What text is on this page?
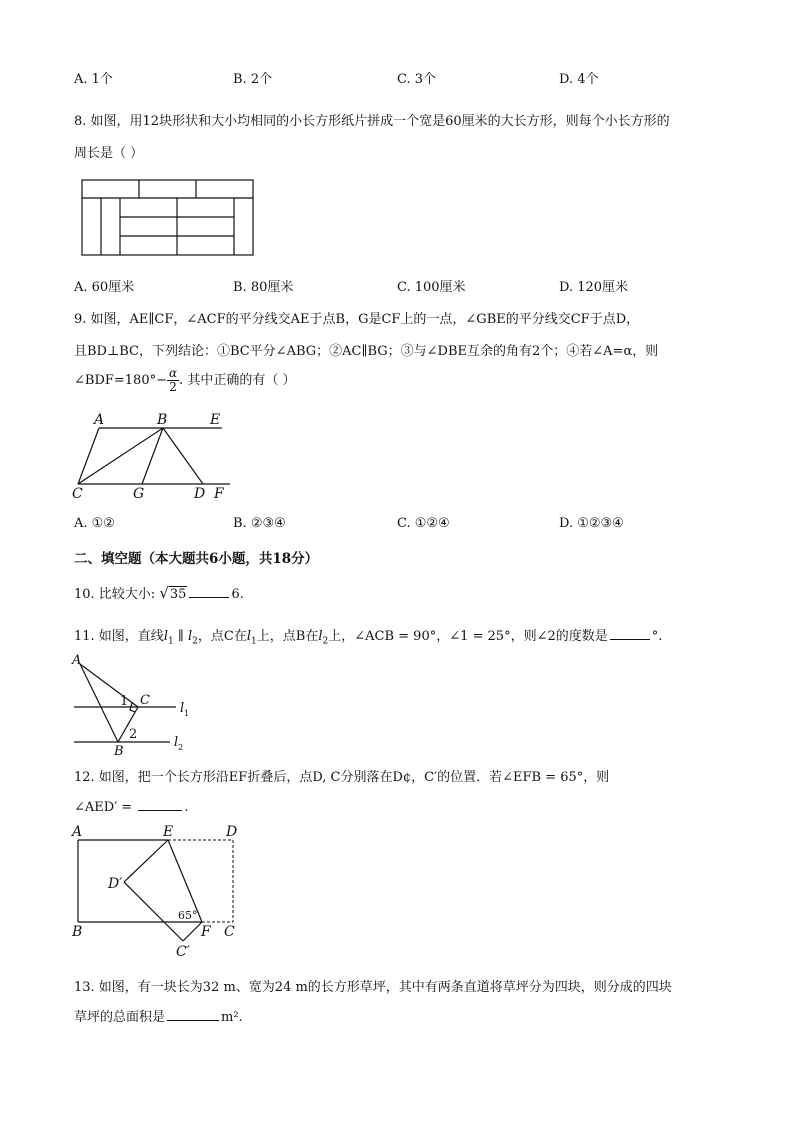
A. 1个	B. 2个	C. 3个	D. 4个
8. 如图，用12块形状和大小均相同的小长方形纸片拼成一个宽是60厘米的大长方形，则每个小长方形的
周长是（ ）
A. 60厘米	B. 80厘米	C. 100厘米	D. 120厘米
9. 如图，AE∥CF，∠ACF的平分线交AE于点B，G是CF上的一点，∠GBE的平分线交CF于点D，
且BD⊥BC，下列结论：①BC平分∠ABG；②AC∥BG；③与∠DBE互余的角有2个；④若∠A=α，则
∠BDF=180°− $\frac{\alpha}{2}$ . 其中正确的有（ ）
A	B	E
C	G	D F
A. ①②	B. ②③④	C. ①②④	D. ①②③④
二、填空题（本大题共6小题，共18分）
10. 比较大小: √35	6.
11. 如图，直线$l_1$ ∥ $l_2$，点C在$l_1$上，点B在$l_2$上，∠ACB = 90°，∠1 = 25°，则∠2的度数是	°.
A
C
B
1
2
l 1
l 2
12. 如图，把一个长方形沿EF折叠后，点D, C分别落在D¢，C′的位置．若∠EFB = 65°，则
∠AED′ =	.
A	E	D
D′
65°
B	F C
C′
13. 如图，有一块长为32 m、宽为24 m的长方形草坪，其中有两条直道将草坪分为四块，则分成的四块
草坪的总面积是	m².
